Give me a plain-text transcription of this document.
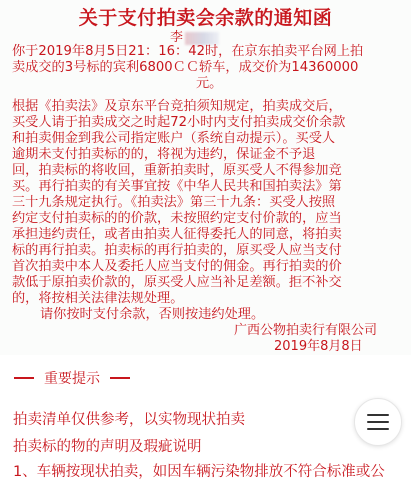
关于支付拍卖会余款的通知函
李
你于2019年8月5日21：16：42时，在京东拍卖平台网上拍
卖成交的3号标的宾利6800ＣＣ轿车，成交价为14360000
元。
根据《拍卖法》及京东平台竞拍须知规定，拍卖成交后，
买受人请于拍卖成交之时起72小时内支付拍卖成交价余款
和拍卖佣金到我公司指定账户（系统自动提示）。买受人
逾期未支付拍卖标的的，将视为违约，保证金不予退
回，拍卖标的将收回，重新拍卖时，原买受人不得参加竞
买。再行拍卖的有关事宜按《中华人民共和国拍卖法》第
三十九条规定执行。《拍卖法》第三十九条：买受人按照
约定支付拍卖标的的价款，未按照约定支付价款的，应当
承担违约责任，或者由拍卖人征得委托人的同意，将拍卖
标的再行拍卖。拍卖标的再行拍卖的，原买受人应当支付
首次拍卖中本人及委托人应当支付的佣金。再行拍卖的价
款低于原拍卖价款的，原买受人应当补足差额。拒不补交
的，将按相关法律法规处理。
请你按时支付余款，否则按违约处理。
广西公物拍卖行有限公司
2019年8月8日
重要提示
拍卖清单仅供参考，以实物现状拍卖
拍卖标的物的声明及瑕疵说明
1、车辆按现状拍卖，如因车辆污染物排放不符合标准或公
